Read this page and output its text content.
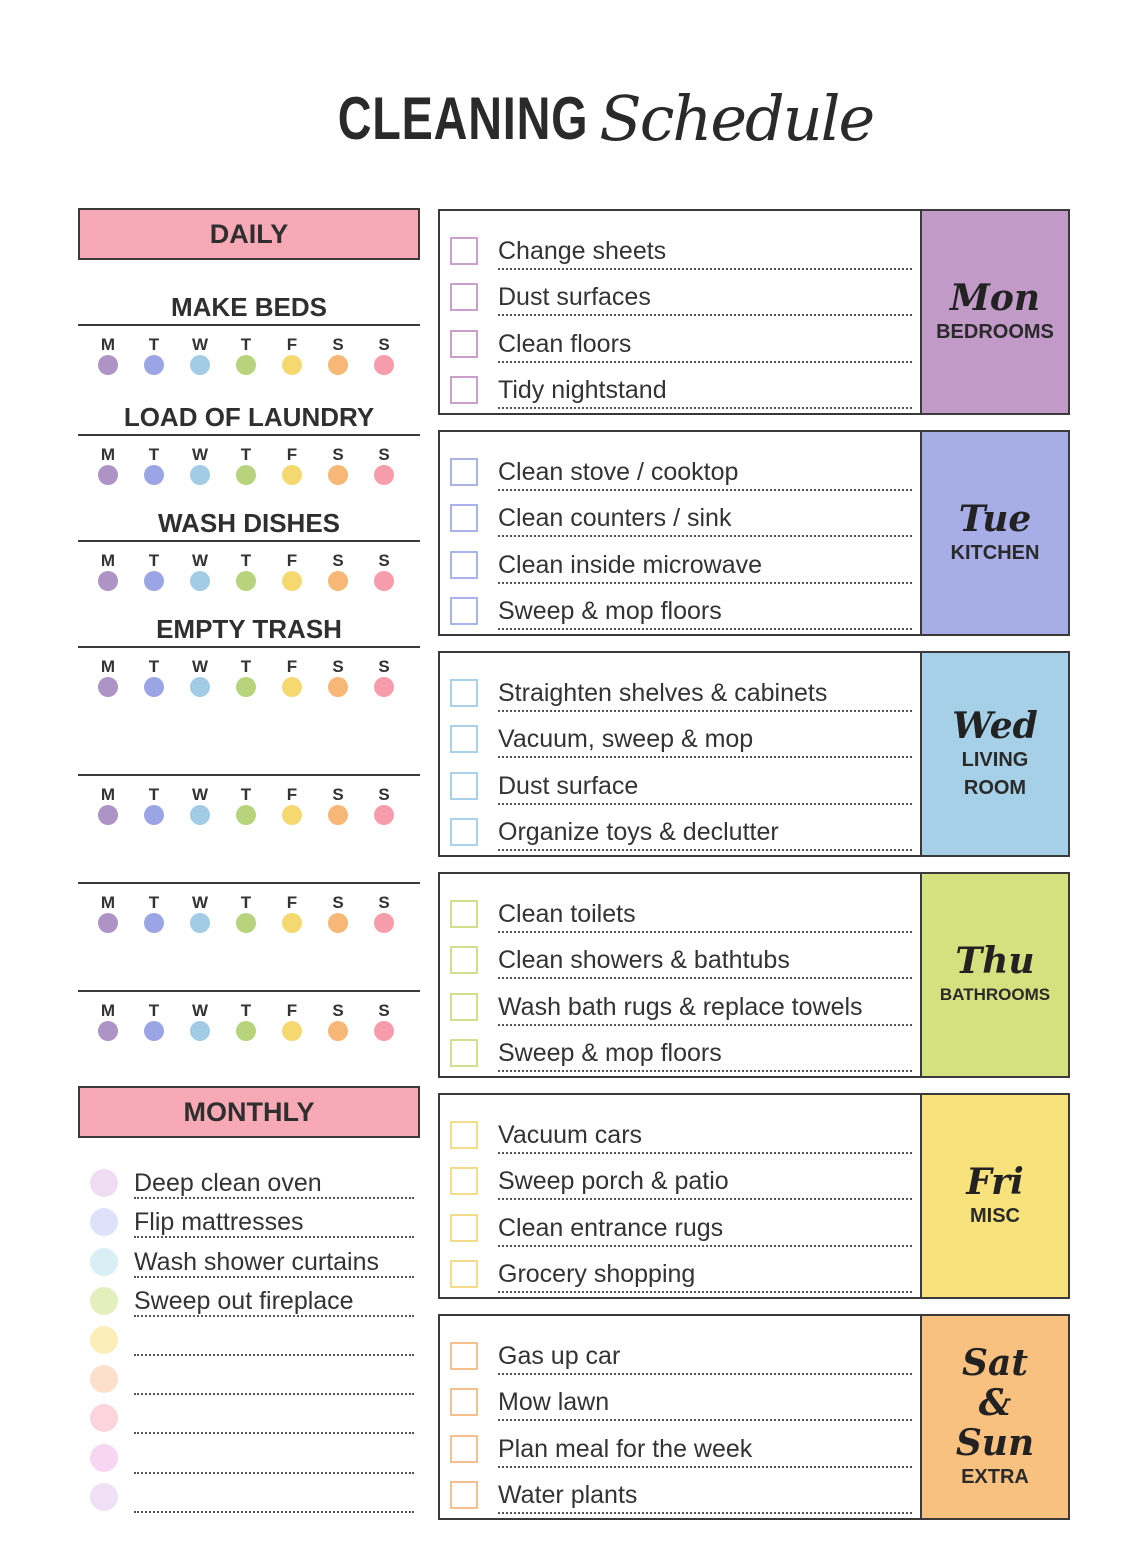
CLEANING Schedule
DAILY
MAKE BEDS
M T W T F S S
LOAD OF LAUNDRY
M T W T F S S
WASH DISHES
M T W T F S S
EMPTY TRASH
M T W T F S S
M T W T F S S
M T W T F S S
M T W T F S S
MONTHLY
Deep clean oven
Flip mattresses
Wash shower curtains
Sweep out fireplace
Change sheets
Dust surfaces
Clean floors
Tidy nightstand
Mon
BEDROOMS
Clean stove / cooktop
Clean counters / sink
Clean inside microwave
Sweep & mop floors
Tue
KITCHEN
Straighten shelves & cabinets
Vacuum, sweep & mop
Dust surface
Organize toys & declutter
Wed
LIVING
ROOM
Clean toilets
Clean showers & bathtubs
Wash bath rugs & replace towels
Sweep & mop floors
Thu
BATHROOMS
Vacuum cars
Sweep porch & patio
Clean entrance rugs
Grocery shopping
Fri
MISC
Gas up car
Mow lawn
Plan meal for the week
Water plants
Sat
&
Sun
EXTRA
